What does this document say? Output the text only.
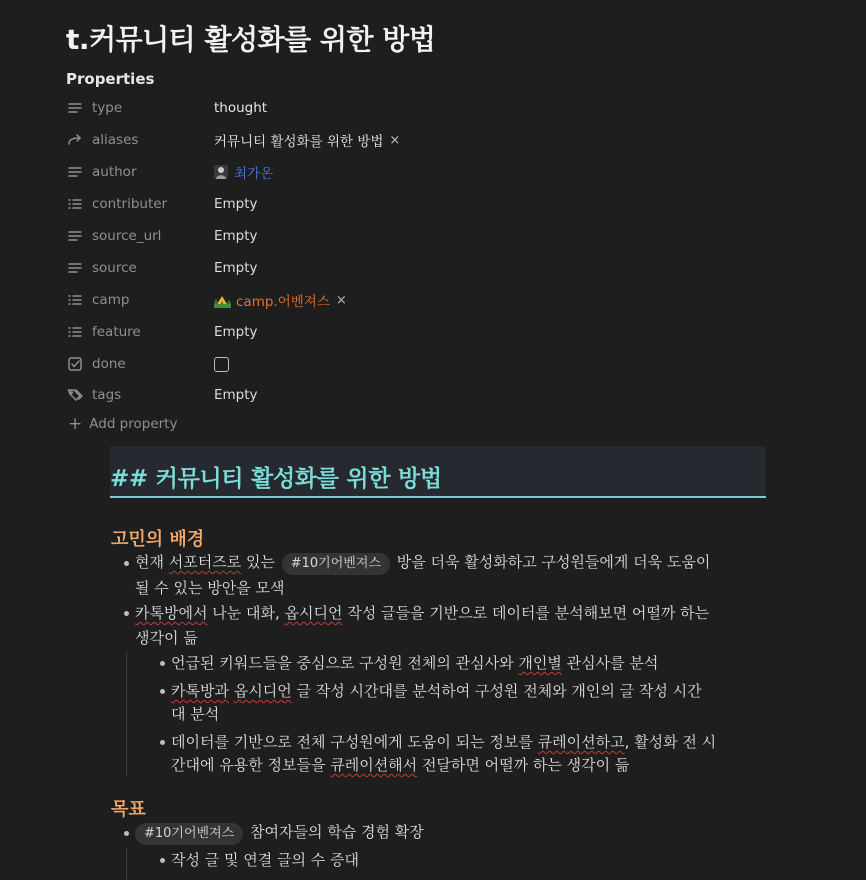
t.커뮤니티 활성화를 위한 방법
Properties
type	thought
aliases	커뮤니티 활성화를 위한 방법 ×
author	최가온
contributer	Empty
source_url	Empty
source	Empty
camp	camp.어벤져스 ×
feature	Empty
done
tags	Empty
+ Add property
## 커뮤니티 활성화를 위한 방법
고민의 배경
현재 서포터즈로 있는 #10기어벤져스 방을 더욱 활성화하고 구성원들에게 더욱 도움이
될 수 있는 방안을 모색
카톡방에서 나눈 대화, 옵시디언 작성 글들을 기반으로 데이터를 분석해보면 어떨까 하는
생각이 듦
언급된 키워드들을 중심으로 구성원 전체의 관심사와 개인별 관심사를 분석
카톡방과 옵시디언 글 작성 시간대를 분석하여 구성원 전체와 개인의 글 작성 시간
대 분석
데이터를 기반으로 전체 구성원에게 도움이 되는 정보를 큐레이션하고, 활성화 전 시
간대에 유용한 정보들을 큐레이션해서 전달하면 어떨까 하는 생각이 듦
목표
#10기어벤져스 참여자들의 학습 경험 확장
작성 글 및 연결 글의 수 증대
